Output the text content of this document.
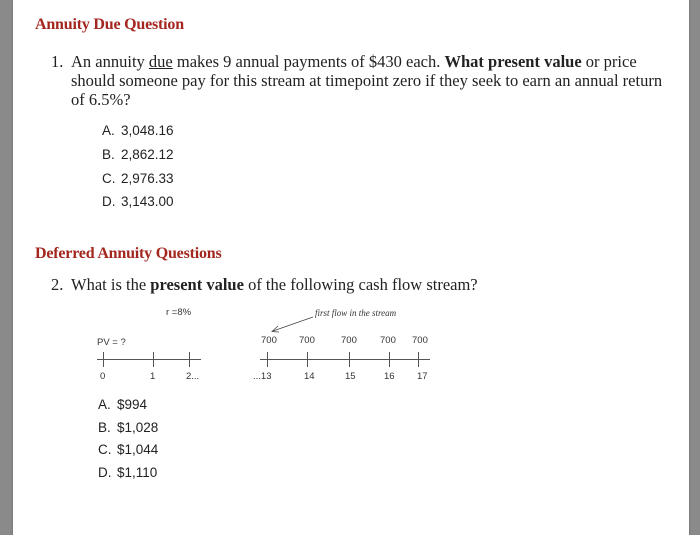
Annuity Due Question
1. An annuity due makes 9 annual payments of $430 each. What present value or price
should someone pay for this stream at timepoint zero if they seek to earn an annual return
of 6.5%?
A. 3,048.16
B. 2,862.12
C. 2,976.33
D. 3,143.00
Deferred Annuity Questions
2. What is the present value of the following cash flow stream?
r =8%	first flow in the stream
PV = ?	700 700	700 700 700
0	1	2...	...13	14	15	16 17
A. $994
B. $1,028
C. $1,044
D. $1,110
